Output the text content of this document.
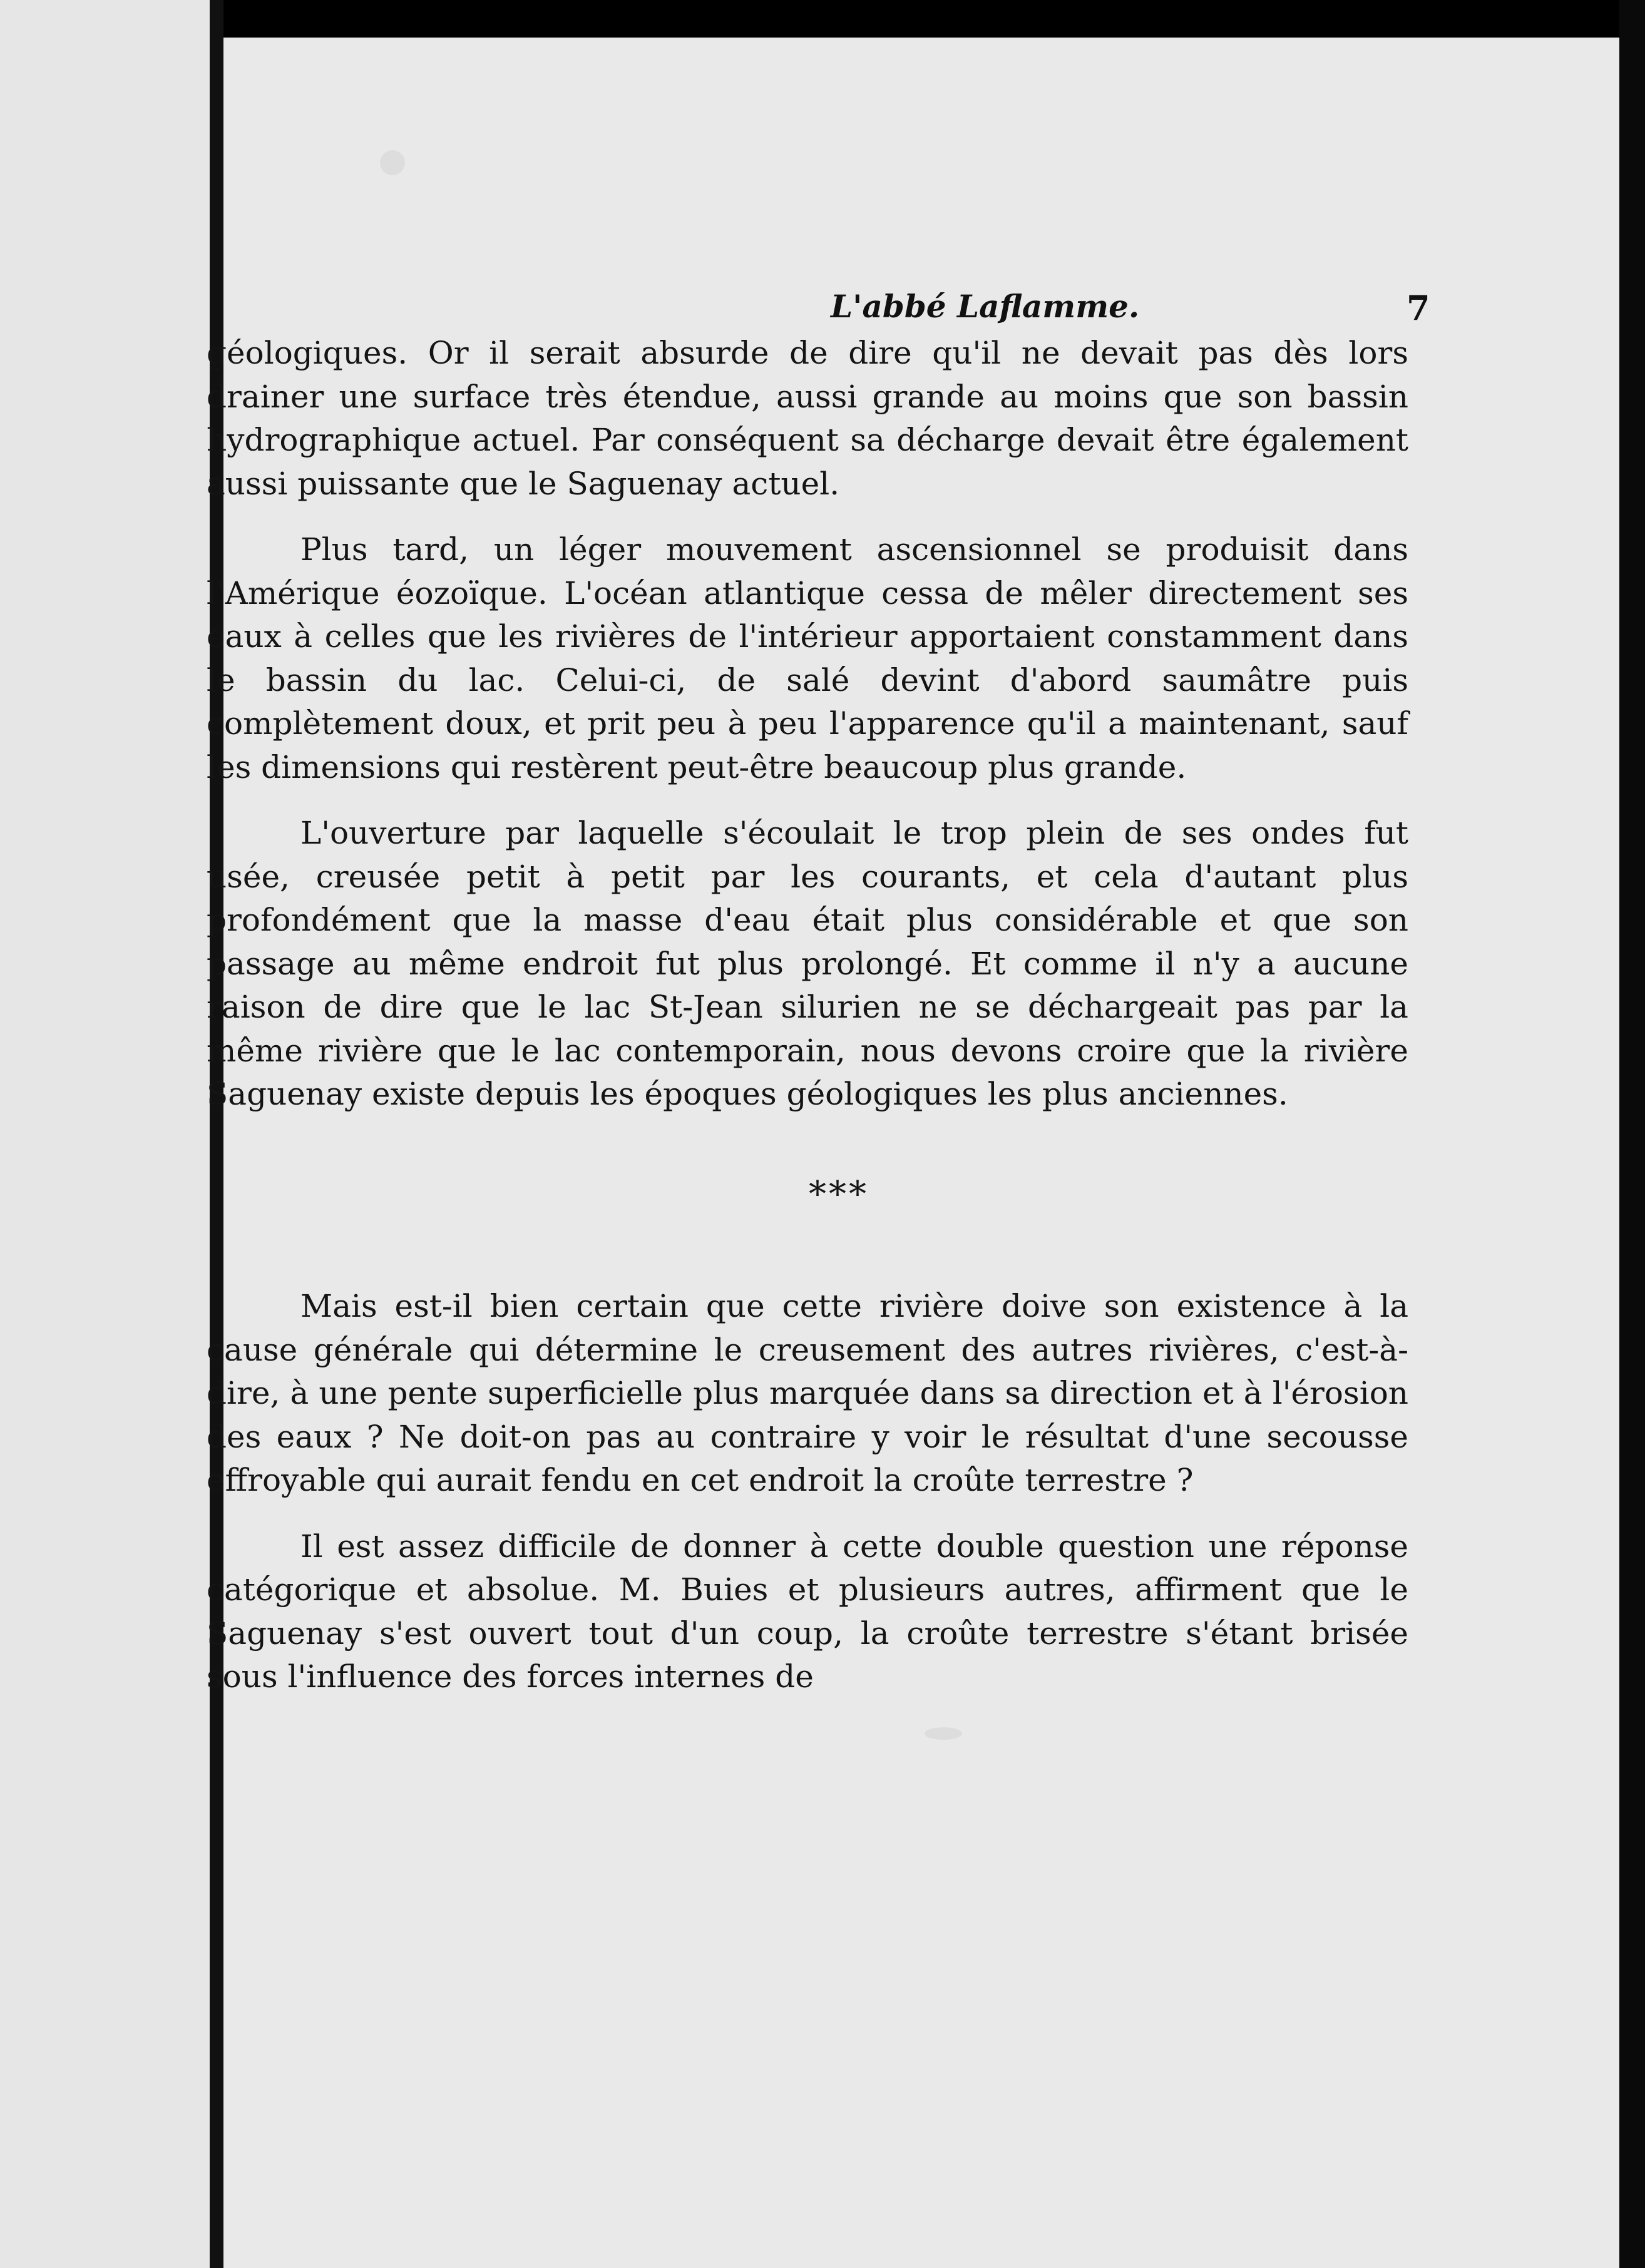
L'abbé Laflamme.	7

géologiques. Or il serait absurde de dire qu'il ne devait pas dès lors drainer une surface très étendue, aussi grande au moins que son bassin hydrographique actuel. Par conséquent sa décharge devait être également aussi puissante que le Saguenay actuel.

Plus tard, un léger mouvement ascensionnel se produisit dans l'Amérique éozoïque. L'océan atlantique cessa de mêler directement ses eaux à celles que les rivières de l'intérieur apportaient constamment dans le bassin du lac. Celui-ci, de salé devint d'abord saumâtre puis complètement doux, et prit peu à peu l'apparence qu'il a maintenant, sauf les dimensions qui restèrent peut-être beaucoup plus grande.

L'ouverture par laquelle s'écoulait le trop plein de ses ondes fut usée, creusée petit à petit par les courants, et cela d'autant plus profondément que la masse d'eau était plus considérable et que son passage au même endroit fut plus prolongé. Et comme il n'y a aucune raison de dire que le lac St-Jean silurien ne se déchargeait pas par la même rivière que le lac contemporain, nous devons croire que la rivière Saguenay existe depuis les époques géologiques les plus anciennes.

***

Mais est-il bien certain que cette rivière doive son existence à la cause générale qui détermine le creusement des autres rivières, c'est-à-dire, à une pente superficielle plus marquée dans sa direction et à l'érosion des eaux ? Ne doit-on pas au contraire y voir le résultat d'une secousse effroyable qui aurait fendu en cet endroit la croûte terrestre ?

Il est assez difficile de donner à cette double question une réponse catégorique et absolue. M. Buies et plusieurs autres, affirment que le Saguenay s'est ouvert tout d'un coup, la croûte terrestre s'étant brisée sous l'influence des forces internes de
